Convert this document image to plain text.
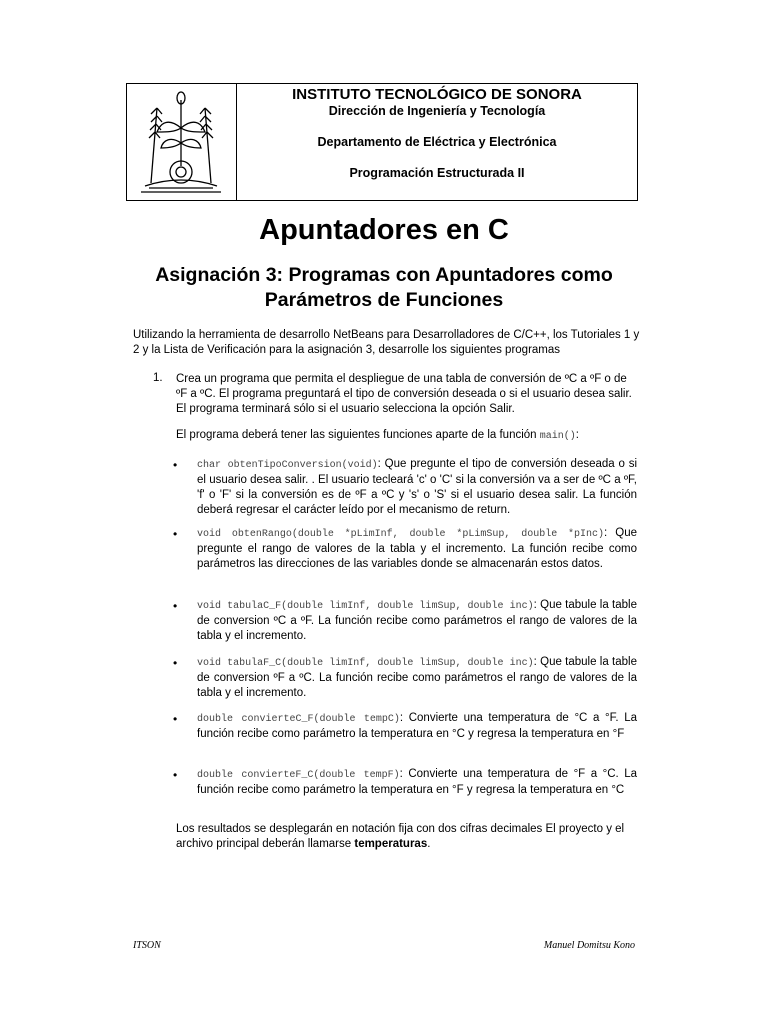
INSTITUTO TECNOLÓGICO DE SONORA
Dirección de Ingeniería y Tecnología
Departamento de Eléctrica y Electrónica
Programación Estructurada II
Apuntadores en C
Asignación 3: Programas con Apuntadores como Parámetros de Funciones
Utilizando la herramienta de desarrollo NetBeans para Desarrolladores de C/C++, los Tutoriales 1 y 2 y la Lista de Verificación para la asignación 3, desarrolle los siguientes programas
1. Crea un programa que permita el despliegue de una tabla de conversión de ºC a ºF o de ºF a ºC. El programa preguntará el tipo de conversión deseada o si el usuario desea salir. El programa terminará sólo si el usuario selecciona la opción Salir.
El programa deberá tener las siguientes funciones aparte de la función main():
• char obtenTipoConversion(void): Que pregunte el tipo de conversión deseada o si el usuario desea salir. . El usuario tecleará 'c' o 'C' si la conversión va a ser de ºC a ºF, 'f' o 'F' si la conversión es de ºF a ºC y 's' o 'S' si el usuario desea salir. La función deberá regresar el carácter leído por el mecanismo de return.
• void obtenRango(double *pLimInf, double *pLimSup, double *pInc): Que pregunte el rango de valores de la tabla y el incremento. La función recibe como parámetros las direcciones de las variables donde se almacenarán estos datos.
• void tabulaC_F(double limInf, double limSup, double inc): Que tabule la table de conversion ºC a ºF. La función recibe como parámetros el rango de valores de la tabla y el incremento.
• void tabulaF_C(double limInf, double limSup, double inc): Que tabule la table de conversion ºF a ºC. La función recibe como parámetros el rango de valores de la tabla y el incremento.
• double convierteC_F(double tempC): Convierte una temperatura de °C a °F. La función recibe como parámetro la temperatura en °C y regresa la temperatura en °F
• double convierteF_C(double tempF): Convierte una temperatura de °F a °C. La función recibe como parámetro la temperatura en °F y regresa la temperatura en °C
Los resultados se desplegarán en notación fija con dos cifras decimales El proyecto y el archivo principal deberán llamarse temperaturas.
ITSON	Manuel Domitsu Kono
